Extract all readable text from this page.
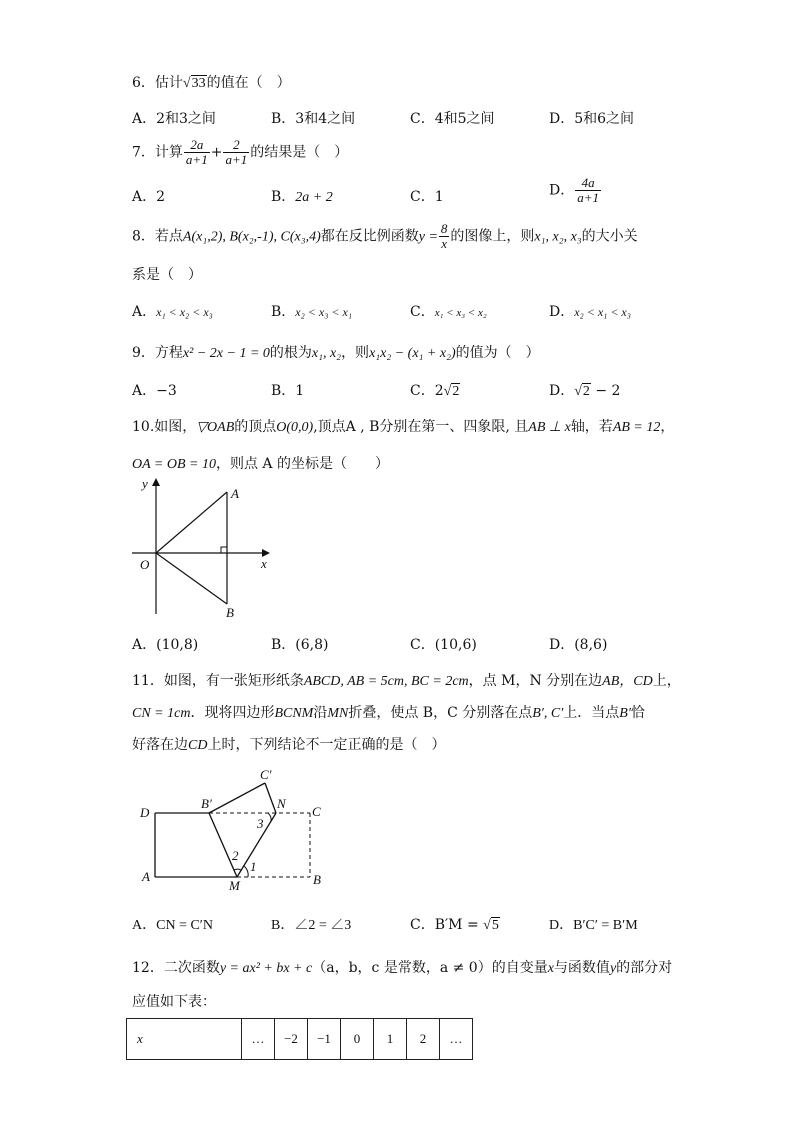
6．估计√33的值在（　）
A．2和3之间	B．3和4之间	C．4和5之间	D．5和6之间
7．计算 $\frac{2a}{a+1} + \frac{2}{a+1}$ 的结果是（　）
A．2	B．2a + 2	C．1	D． $\frac{4a}{a+1}$
8．若点A(x₁,2), B(x₂,-1), C(x₃,4)都在反比例函数$y = \frac{8}{x}$ 的图像上，则x₁, x₂, x₃的大小关
系是（　）
A．x₁ < x₂ < x₃	B．x₂ < x₃ < x₁	C．x₁ < x₃ < x₂	D．x₂ < x₁ < x₃
9．方程x² − 2x − 1 = 0的根为x₁, x₂，则x₁x₂ − (x₁ + x₂)的值为（　）
A．−3	B．1	C．2√2	D．√2 − 2
10.如图，▽OAB的顶点O(0,0),顶点A , B分别在第一、四象限, 且AB ⊥ x轴，若AB = 12，
OA = OB = 10，则点 A 的坐标是（　　）
y
A
O	x
B
A．(10,8)	B．(6,8)	C．(10,6)	D．(8,6)
11．如图，有一张矩形纸条ABCD, AB = 5cm, BC = 2cm，点 M，N 分别在边AB，CD上，
CN = 1cm．现将四边形BCNM沿MN折叠，使点 B，C 分别落在点B′, C′上．当点B′恰
好落在边CD上时，下列结论不一定正确的是（　）
C′
B′	N
C
D
3
2
1
A
M	B
A．CN = C′N	B．∠2 = ∠3	C．B′M = √5	D．B′C′ = B′M
12．二次函数y = ax² + bx + c（a，b，c 是常数，a ≠ 0）的自变量x与函数值y的部分对
应值如下表：
x	…	−2	−1	0	1	2	…
